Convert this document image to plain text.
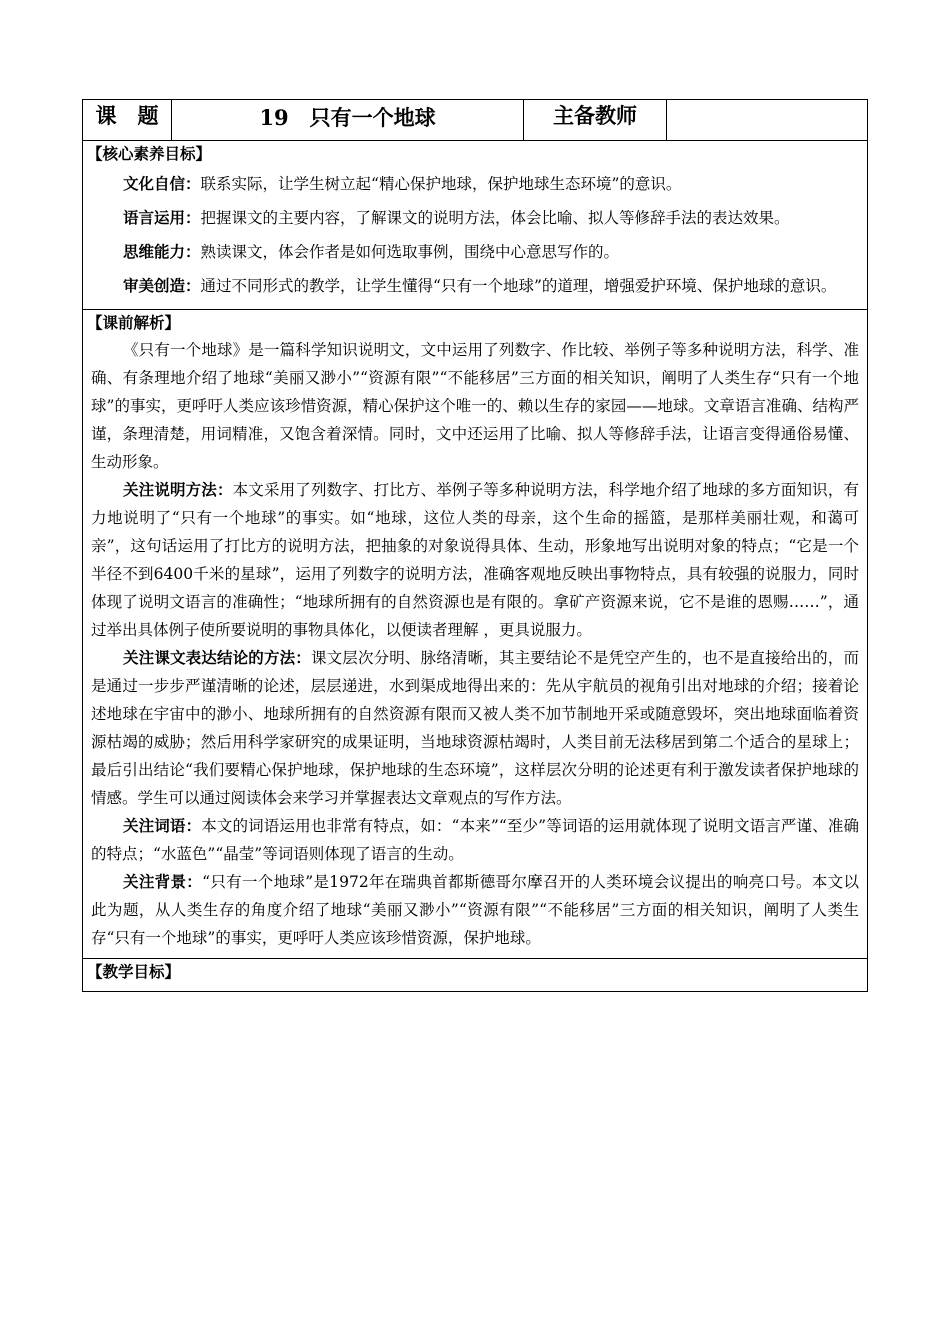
课　题	19　只有一个地球	主备教师	

【核心素养目标】

文化自信：联系实际，让学生树立起“精心保护地球，保护地球生态环境”的意识。

语言运用：把握课文的主要内容，了解课文的说明方法，体会比喻、拟人等修辞手法的表达效果。

思维能力：熟读课文，体会作者是如何选取事例，围绕中心意思写作的。

审美创造：通过不同形式的教学，让学生懂得“只有一个地球”的道理，增强爱护环境、保护地球的意识。

【课前解析】

《只有一个地球》是一篇科学知识说明文，文中运用了列数字、作比较、举例子等多种说明方法，科学、准确、有条理地介绍了地球“美丽又渺小”“资源有限”“不能移居”三方面的相关知识，阐明了人类生存“只有一个地球”的事实，更呼吁人类应该珍惜资源，精心保护这个唯一的、赖以生存的家园——地球。文章语言准确、结构严谨，条理清楚，用词精准，又饱含着深情。同时，文中还运用了比喻、拟人等修辞手法，让语言变得通俗易懂、生动形象。

关注说明方法：本文采用了列数字、打比方、举例子等多种说明方法，科学地介绍了地球的多方面知识，有力地说明了“只有一个地球”的事实。如“地球，这位人类的母亲，这个生命的摇篮，是那样美丽壮观，和蔼可亲”，这句话运用了打比方的说明方法，把抽象的对象说得具体、生动，形象地写出说明对象的特点；“它是一个半径不到6400千米的星球”，运用了列数字的说明方法，准确客观地反映出事物特点，具有较强的说服力，同时体现了说明文语言的准确性；“地球所拥有的自然资源也是有限的。拿矿产资源来说，它不是谁的恩赐……”，通过举出具体例子使所要说明的事物具体化，以便读者理解 ，更具说服力。

关注课文表达结论的方法：课文层次分明、脉络清晰，其主要结论不是凭空产生的，也不是直接给出的，而是通过一步步严谨清晰的论述，层层递进，水到渠成地得出来的：先从宇航员的视角引出对地球的介绍；接着论述地球在宇宙中的渺小、地球所拥有的自然资源有限而又被人类不加节制地开采或随意毁坏，突出地球面临着资源枯竭的威胁；然后用科学家研究的成果证明，当地球资源枯竭时，人类目前无法移居到第二个适合的星球上；最后引出结论“我们要精心保护地球，保护地球的生态环境”，这样层次分明的论述更有利于激发读者保护地球的情感。学生可以通过阅读体会来学习并掌握表达文章观点的写作方法。

关注词语：本文的词语运用也非常有特点，如：“本来”“至少”等词语的运用就体现了说明文语言严谨、准确的特点；“水蓝色”“晶莹”等词语则体现了语言的生动。

关注背景：“只有一个地球”是1972年在瑞典首都斯德哥尔摩召开的人类环境会议提出的响亮口号。本文以此为题，从人类生存的角度介绍了地球“美丽又渺小”“资源有限”“不能移居”三方面的相关知识，阐明了人类生存“只有一个地球”的事实，更呼吁人类应该珍惜资源，保护地球。

【教学目标】
